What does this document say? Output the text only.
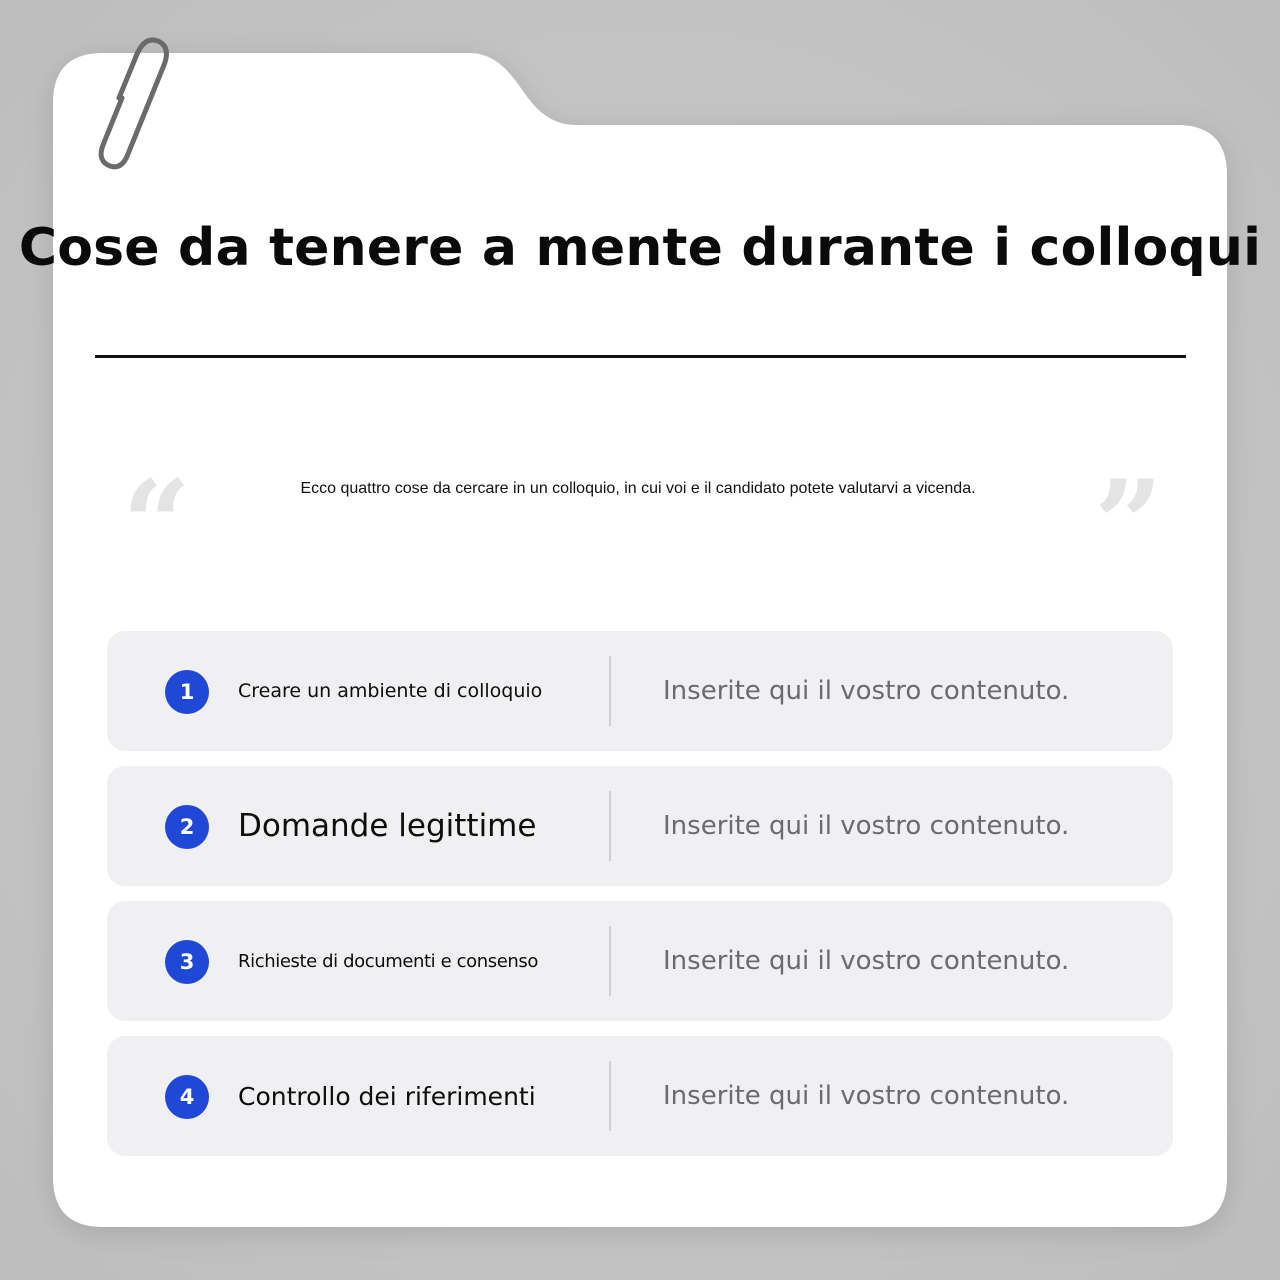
Cose da tenere a mente durante i colloqui
“	Ecco quattro cose da cercare in un colloquio, in cui voi e il candidato potete valutarvi a vicenda. ”
1	Creare un ambiente di colloquio	Inserite qui il vostro contenuto.
2	Domande legittime	Inserite qui il vostro contenuto.
3	Richieste di documenti e consenso	Inserite qui il vostro contenuto.
4	Controllo dei riferimenti	Inserite qui il vostro contenuto.
